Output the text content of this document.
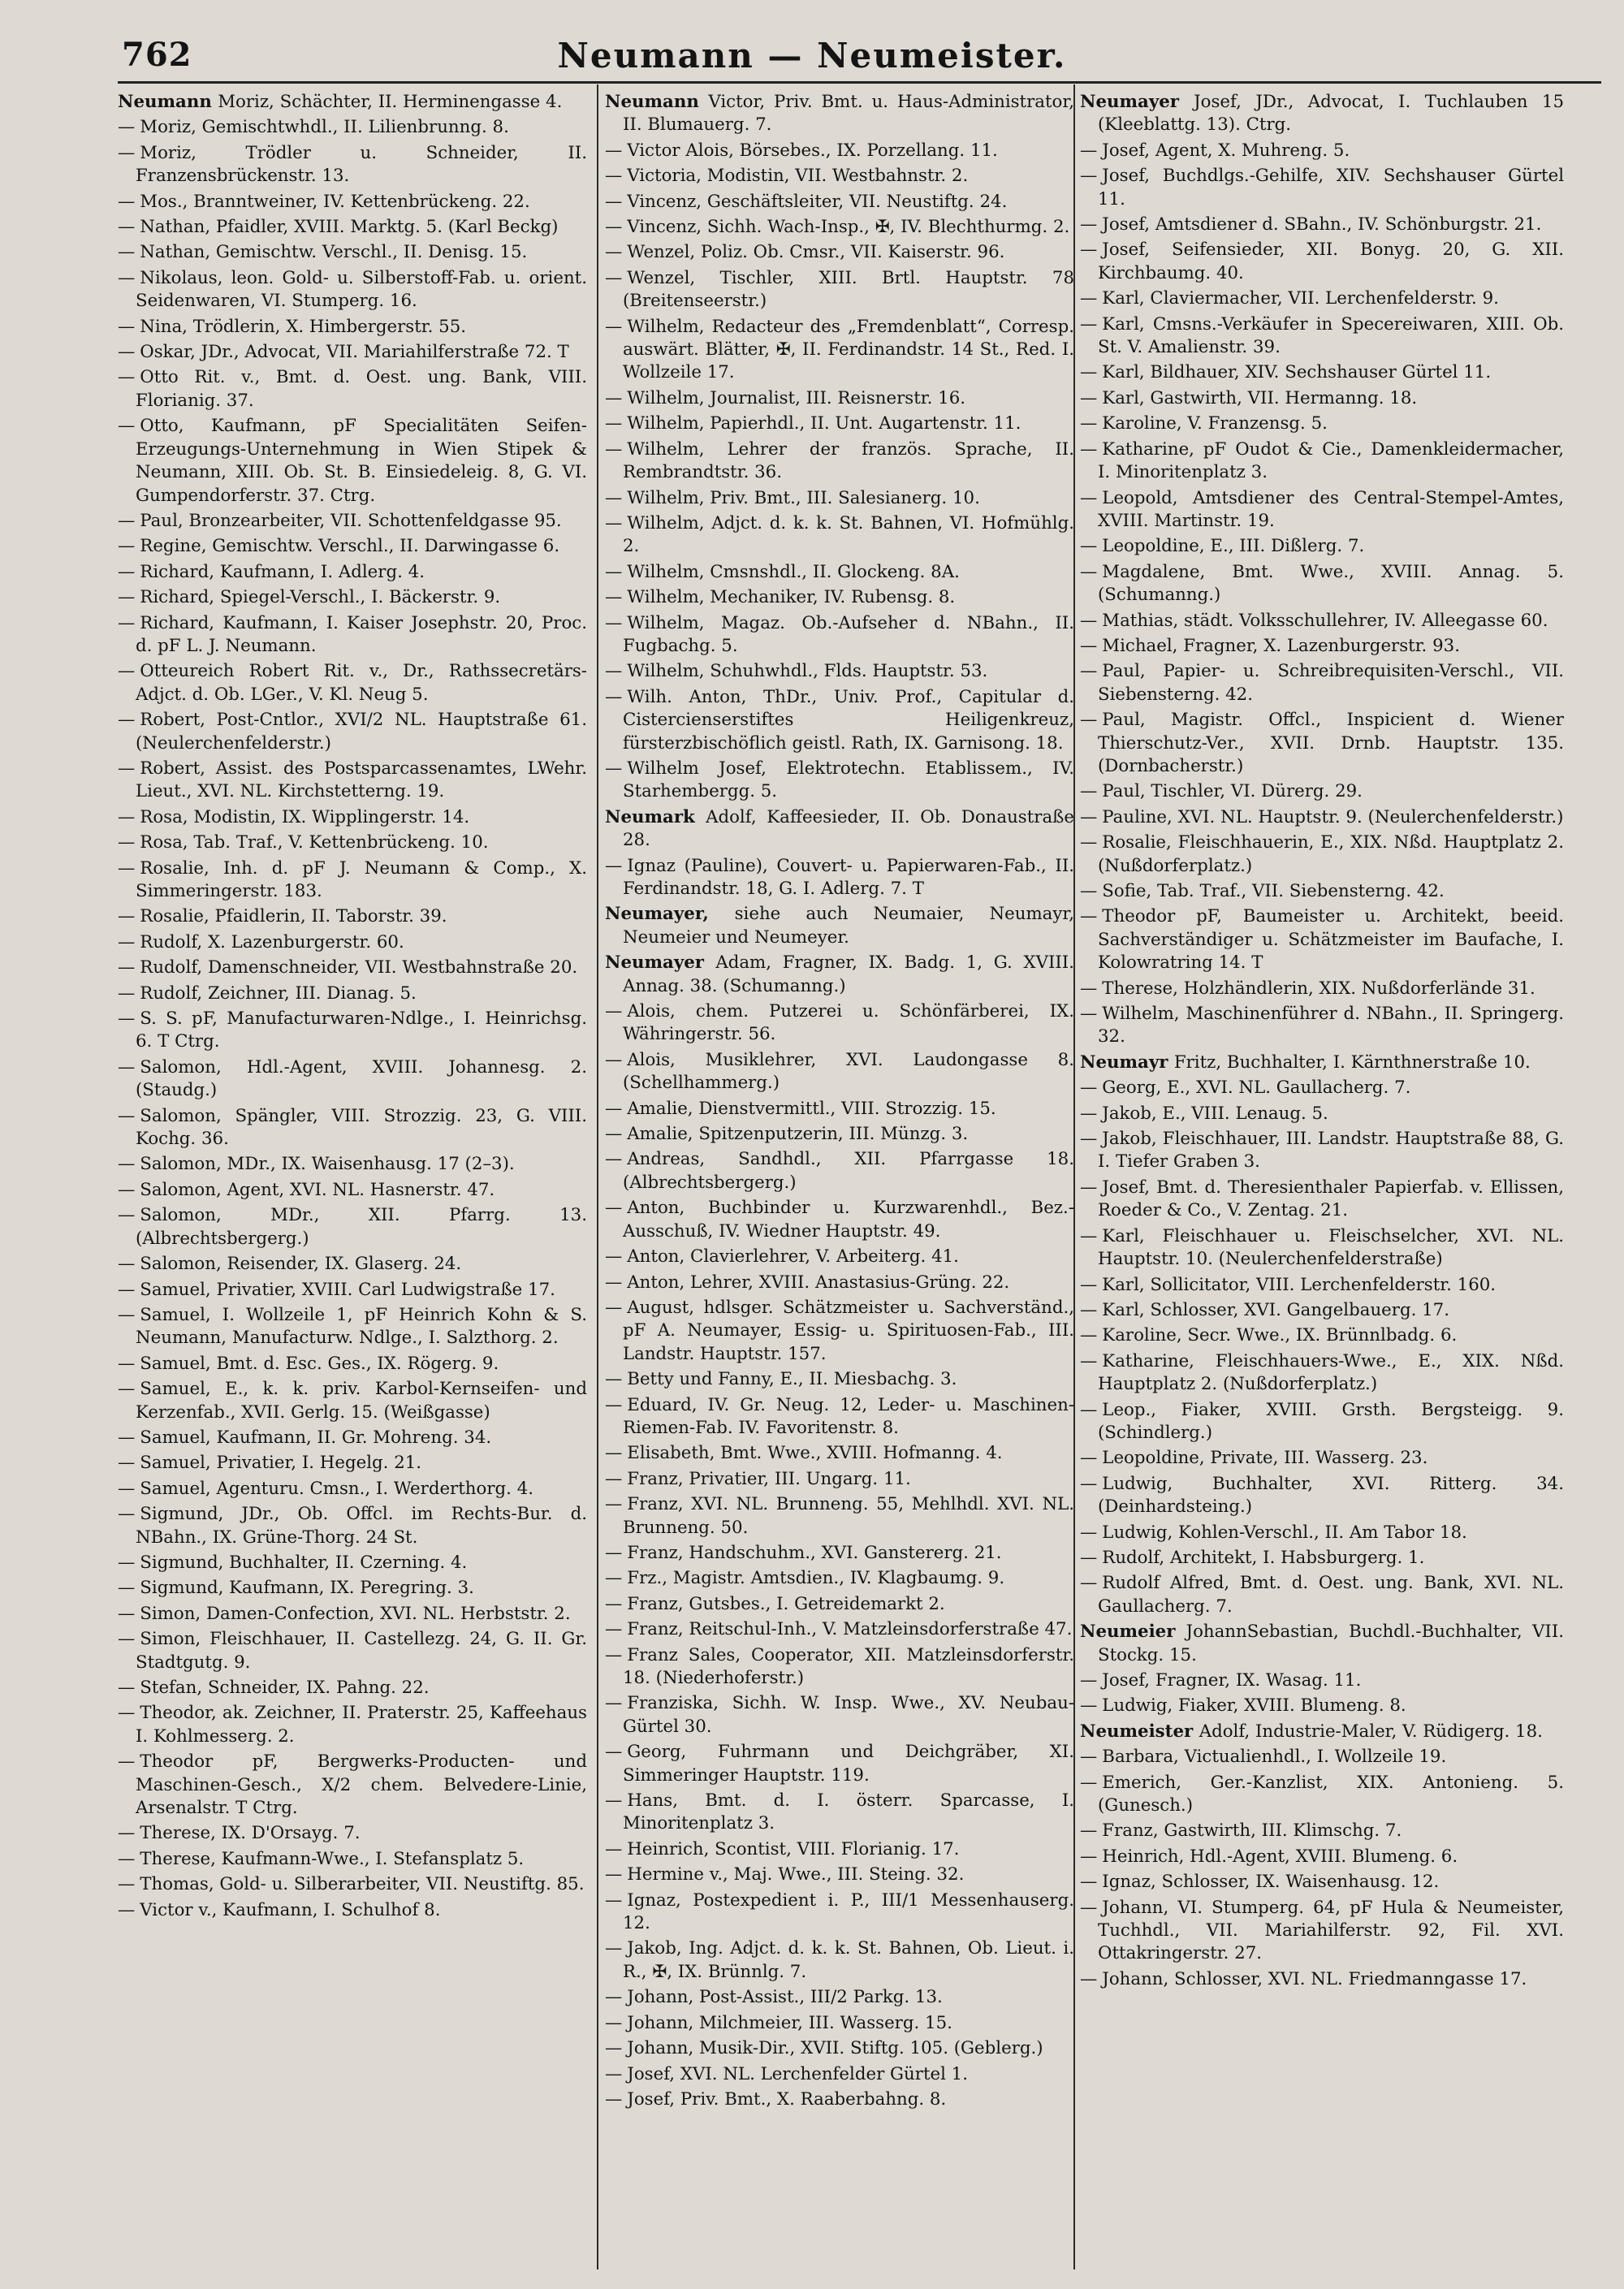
762	Neumann — Neumeister.
Neumann Moriz, Schächter, II. Herminengasse 4.
— Moriz, Gemischtwhdl., II. Lilienbrunng. 8.
— Moriz, Trödler u. Schneider, II. Franzensbrückenstr. 13.
— Mos., Branntweiner, IV. Kettenbrückeng. 22.
— Nathan, Pfaidler, XVIII. Marktg. 5. (Karl Beckg)
— Nathan, Gemischtw. Verschl., II. Denisg. 15.
— Nikolaus, leon. Gold- u. Silberstoff-Fab. u. orient. Seidenwaren, VI. Stumperg. 16.
— Nina, Trödlerin, X. Himbergerstr. 55.
— Oskar, JDr., Advocat, VII. Mariahilferstraße 72. T
— Otto Rit. v., Bmt. d. Oest. ung. Bank, VIII. Florianig. 37.
— Otto, Kaufmann, pF Specialitäten Seifen-Erzeugungs-Unternehmung in Wien Stipek & Neumann, XIII. Ob. St. B. Einsiedeleig. 8, G. VI. Gumpendorferstr. 37. Ctrg.
— Paul, Bronzearbeiter, VII. Schottenfeldgasse 95.
— Regine, Gemischtw. Verschl., II. Darwingasse 6.
— Richard, Kaufmann, I. Adlerg. 4.
— Richard, Spiegel-Verschl., I. Bäckerstr. 9.
— Richard, Kaufmann, I. Kaiser Josephstr. 20, Proc. d. pF L. J. Neumann.
— Otteureich Robert Rit. v., Dr., Rathssecretärs-Adjct. d. Ob. LGer., V. Kl. Neug 5.
— Robert, Post-Cntlor., XVI/2 NL. Hauptstraße 61. (Neulerchenfelderstr.)
— Robert, Assist. des Postsparcassenamtes, LWehr. Lieut., XVI. NL. Kirchstetterng. 19.
— Rosa, Modistin, IX. Wipplingerstr. 14.
— Rosa, Tab. Traf., V. Kettenbrückeng. 10.
— Rosalie, Inh. d. pF J. Neumann & Comp., X. Simmeringerstr. 183.
— Rosalie, Pfaidlerin, II. Taborstr. 39.
— Rudolf, X. Lazenburgerstr. 60.
— Rudolf, Damenschneider, VII. Westbahnstraße 20.
— Rudolf, Zeichner, III. Dianag. 5.
— S. S. pF, Manufacturwaren-Ndlge., I. Heinrichsg. 6. T Ctrg.
— Salomon, Hdl.-Agent, XVIII. Johannesg. 2. (Staudg.)
— Salomon, Spängler, VIII. Strozzig. 23, G. VIII. Kochg. 36.
— Salomon, MDr., IX. Waisenhausg. 17 (2–3).
— Salomon, Agent, XVI. NL. Hasnerstr. 47.
— Salomon, MDr., XII. Pfarrg. 13. (Albrechtsbergerg.)
— Salomon, Reisender, IX. Glaserg. 24.
— Samuel, Privatier, XVIII. Carl Ludwigstraße 17.
— Samuel, I. Wollzeile 1, pF Heinrich Kohn & S. Neumann, Manufacturw. Ndlge., I. Salzthorg. 2.
— Samuel, Bmt. d. Esc. Ges., IX. Rögerg. 9.
— Samuel, E., k. k. priv. Karbol-Kernseifen- und Kerzenfab., XVII. Gerlg. 15. (Weißgasse)
— Samuel, Kaufmann, II. Gr. Mohreng. 34.
— Samuel, Privatier, I. Hegelg. 21.
— Samuel, Agenturu. Cmsn., I. Werderthorg. 4.
— Sigmund, JDr., Ob. Offcl. im Rechts-Bur. d. NBahn., IX. Grüne-Thorg. 24 St.
— Sigmund, Buchhalter, II. Czerning. 4.
— Sigmund, Kaufmann, IX. Peregring. 3.
— Simon, Damen-Confection, XVI. NL. Herbststr. 2.
— Simon, Fleischhauer, II. Castellezg. 24, G. II. Gr. Stadtgutg. 9.
— Stefan, Schneider, IX. Pahng. 22.
— Theodor, ak. Zeichner, II. Praterstr. 25, Kaffeehaus I. Kohlmesserg. 2.
— Theodor pF, Bergwerks-Producten- und Maschinen-Gesch., X/2 chem. Belvedere-Linie, Arsenalstr. T Ctrg.
— Therese, IX. D'Orsayg. 7.
— Therese, Kaufmann-Wwe., I. Stefansplatz 5.
— Thomas, Gold- u. Silberarbeiter, VII. Neustiftg. 85.
— Victor v., Kaufmann, I. Schulhof 8.
Neumann Victor, Priv. Bmt. u. Haus-Administrator, II. Blumauerg. 7.
— Victor Alois, Börsebes., IX. Porzellang. 11.
— Victoria, Modistin, VII. Westbahnstr. 2.
— Vincenz, Geschäftsleiter, VII. Neustiftg. 24.
— Vincenz, Sichh. Wach-Insp., ✠, IV. Blechthurmg. 2.
— Wenzel, Poliz. Ob. Cmsr., VII. Kaiserstr. 96.
— Wenzel, Tischler, XIII. Brtl. Hauptstr. 78 (Breitenseerstr.)
— Wilhelm, Redacteur des „Fremdenblatt“, Corresp. auswärt. Blätter, ✠, II. Ferdinandstr. 14 St., Red. I. Wollzeile 17.
— Wilhelm, Journalist, III. Reisnerstr. 16.
— Wilhelm, Papierhdl., II. Unt. Augartenstr. 11.
— Wilhelm, Lehrer der französ. Sprache, II. Rembrandtstr. 36.
— Wilhelm, Priv. Bmt., III. Salesianerg. 10.
— Wilhelm, Adjct. d. k. k. St. Bahnen, VI. Hofmühlg. 2.
— Wilhelm, Cmsnshdl., II. Glockeng. 8A.
— Wilhelm, Mechaniker, IV. Rubensg. 8.
— Wilhelm, Magaz. Ob.-Aufseher d. NBahn., II. Fugbachg. 5.
— Wilhelm, Schuhwhdl., Flds. Hauptstr. 53.
— Wilh. Anton, ThDr., Univ. Prof., Capitular d. Cistercienserstiftes Heiligenkreuz, fürsterzbischöflich geistl. Rath, IX. Garnisong. 18.
— Wilhelm Josef, Elektrotechn. Etablissem., IV. Starhembergg. 5.
Neumark Adolf, Kaffeesieder, II. Ob. Donaustraße 28.
— Ignaz (Pauline), Couvert- u. Papierwaren-Fab., II. Ferdinandstr. 18, G. I. Adlerg. 7. T
Neumayer, siehe auch Neumaier, Neumayr, Neumeier und Neumeyer.
Neumayer Adam, Fragner, IX. Badg. 1, G. XVIII. Annag. 38. (Schumanng.)
— Alois, chem. Putzerei u. Schönfärberei, IX. Währingerstr. 56.
— Alois, Musiklehrer, XVI. Laudongasse 8. (Schellhammerg.)
— Amalie, Dienstvermittl., VIII. Strozzig. 15.
— Amalie, Spitzenputzerin, III. Münzg. 3.
— Andreas, Sandhdl., XII. Pfarrgasse 18. (Albrechtsbergerg.)
— Anton, Buchbinder u. Kurzwarenhdl., Bez.-Ausschuß, IV. Wiedner Hauptstr. 49.
— Anton, Clavierlehrer, V. Arbeiterg. 41.
— Anton, Lehrer, XVIII. Anastasius-Grüng. 22.
— August, hdlsger. Schätzmeister u. Sachverständ., pF A. Neumayer, Essig- u. Spirituosen-Fab., III. Landstr. Hauptstr. 157.
— Betty und Fanny, E., II. Miesbachg. 3.
— Eduard, IV. Gr. Neug. 12, Leder- u. Maschinen-Riemen-Fab. IV. Favoritenstr. 8.
— Elisabeth, Bmt. Wwe., XVIII. Hofmanng. 4.
— Franz, Privatier, III. Ungarg. 11.
— Franz, XVI. NL. Brunneng. 55, Mehlhdl. XVI. NL. Brunneng. 50.
— Franz, Handschuhm., XVI. Ganstererg. 21.
— Frz., Magistr. Amtsdien., IV. Klagbaumg. 9.
— Franz, Gutsbes., I. Getreidemarkt 2.
— Franz, Reitschul-Inh., V. Matzleinsdorferstraße 47.
— Franz Sales, Cooperator, XII. Matzleinsdorferstr. 18. (Niederhoferstr.)
— Franziska, Sichh. W. Insp. Wwe., XV. Neubau-Gürtel 30.
— Georg, Fuhrmann und Deichgräber, XI. Simmeringer Hauptstr. 119.
— Hans, Bmt. d. I. österr. Sparcasse, I. Minoritenplatz 3.
— Heinrich, Scontist, VIII. Florianig. 17.
— Hermine v., Maj. Wwe., III. Steing. 32.
— Ignaz, Postexpedient i. P., III/1 Messenhauserg. 12.
— Jakob, Ing. Adjct. d. k. k. St. Bahnen, Ob. Lieut. i. R., ✠, IX. Brünnlg. 7.
— Johann, Post-Assist., III/2 Parkg. 13.
— Johann, Milchmeier, III. Wasserg. 15.
— Johann, Musik-Dir., XVII. Stiftg. 105. (Geblerg.)
— Josef, XVI. NL. Lerchenfelder Gürtel 1.
— Josef, Priv. Bmt., X. Raaberbahng. 8.
Neumayer Josef, JDr., Advocat, I. Tuchlauben 15 (Kleeblattg. 13). Ctrg.
— Josef, Agent, X. Muhreng. 5.
— Josef, Buchdlgs.-Gehilfe, XIV. Sechshauser Gürtel 11.
— Josef, Amtsdiener d. SBahn., IV. Schönburgstr. 21.
— Josef, Seifensieder, XII. Bonyg. 20, G. XII. Kirchbaumg. 40.
— Karl, Claviermacher, VII. Lerchenfelderstr. 9.
— Karl, Cmsns.-Verkäufer in Specereiwaren, XIII. Ob. St. V. Amalienstr. 39.
— Karl, Bildhauer, XIV. Sechshauser Gürtel 11.
— Karl, Gastwirth, VII. Hermanng. 18.
— Karoline, V. Franzensg. 5.
— Katharine, pF Oudot & Cie., Damenkleidermacher, I. Minoritenplatz 3.
— Leopold, Amtsdiener des Central-Stempel-Amtes, XVIII. Martinstr. 19.
— Leopoldine, E., III. Dißlerg. 7.
— Magdalene, Bmt. Wwe., XVIII. Annag. 5. (Schumanng.)
— Mathias, städt. Volksschullehrer, IV. Alleegasse 60.
— Michael, Fragner, X. Lazenburgerstr. 93.
— Paul, Papier- u. Schreibrequisiten-Verschl., VII. Siebensterng. 42.
— Paul, Magistr. Offcl., Inspicient d. Wiener Thierschutz-Ver., XVII. Drnb. Hauptstr. 135. (Dornbacherstr.)
— Paul, Tischler, VI. Dürerg. 29.
— Pauline, XVI. NL. Hauptstr. 9. (Neulerchenfelderstr.)
— Rosalie, Fleischhauerin, E., XIX. Nßd. Hauptplatz 2. (Nußdorferplatz.)
— Sofie, Tab. Traf., VII. Siebensterng. 42.
— Theodor pF, Baumeister u. Architekt, beeid. Sachverständiger u. Schätzmeister im Baufache, I. Kolowratring 14. T
— Therese, Holzhändlerin, XIX. Nußdorferlände 31.
— Wilhelm, Maschinenführer d. NBahn., II. Springerg. 32.
Neumayr Fritz, Buchhalter, I. Kärnthnerstraße 10.
— Georg, E., XVI. NL. Gaullacherg. 7.
— Jakob, E., VIII. Lenaug. 5.
— Jakob, Fleischhauer, III. Landstr. Hauptstraße 88, G. I. Tiefer Graben 3.
— Josef, Bmt. d. Theresienthaler Papierfab. v. Ellissen, Roeder & Co., V. Zentag. 21.
— Karl, Fleischhauer u. Fleischselcher, XVI. NL. Hauptstr. 10. (Neulerchenfelderstraße)
— Karl, Sollicitator, VIII. Lerchenfelderstr. 160.
— Karl, Schlosser, XVI. Gangelbauerg. 17.
— Karoline, Secr. Wwe., IX. Brünnlbadg. 6.
— Katharine, Fleischhauers-Wwe., E., XIX. Nßd. Hauptplatz 2. (Nußdorferplatz.)
— Leop., Fiaker, XVIII. Grsth. Bergsteigg. 9. (Schindlerg.)
— Leopoldine, Private, III. Wasserg. 23.
— Ludwig, Buchhalter, XVI. Ritterg. 34. (Deinhardsteing.)
— Ludwig, Kohlen-Verschl., II. Am Tabor 18.
— Rudolf, Architekt, I. Habsburgerg. 1.
— Rudolf Alfred, Bmt. d. Oest. ung. Bank, XVI. NL. Gaullacherg. 7.
Neumeier JohannSebastian, Buchdl.-Buchhalter, VII. Stockg. 15.
— Josef, Fragner, IX. Wasag. 11.
— Ludwig, Fiaker, XVIII. Blumeng. 8.
Neumeister Adolf, Industrie-Maler, V. Rüdigerg. 18.
— Barbara, Victualienhdl., I. Wollzeile 19.
— Emerich, Ger.-Kanzlist, XIX. Antonieng. 5. (Gunesch.)
— Franz, Gastwirth, III. Klimschg. 7.
— Heinrich, Hdl.-Agent, XVIII. Blumeng. 6.
— Ignaz, Schlosser, IX. Waisenhausg. 12.
— Johann, VI. Stumperg. 64, pF Hula & Neumeister, Tuchhdl., VII. Mariahilferstr. 92, Fil. XVI. Ottakringerstr. 27.
— Johann, Schlosser, XVI. NL. Friedmanngasse 17.
